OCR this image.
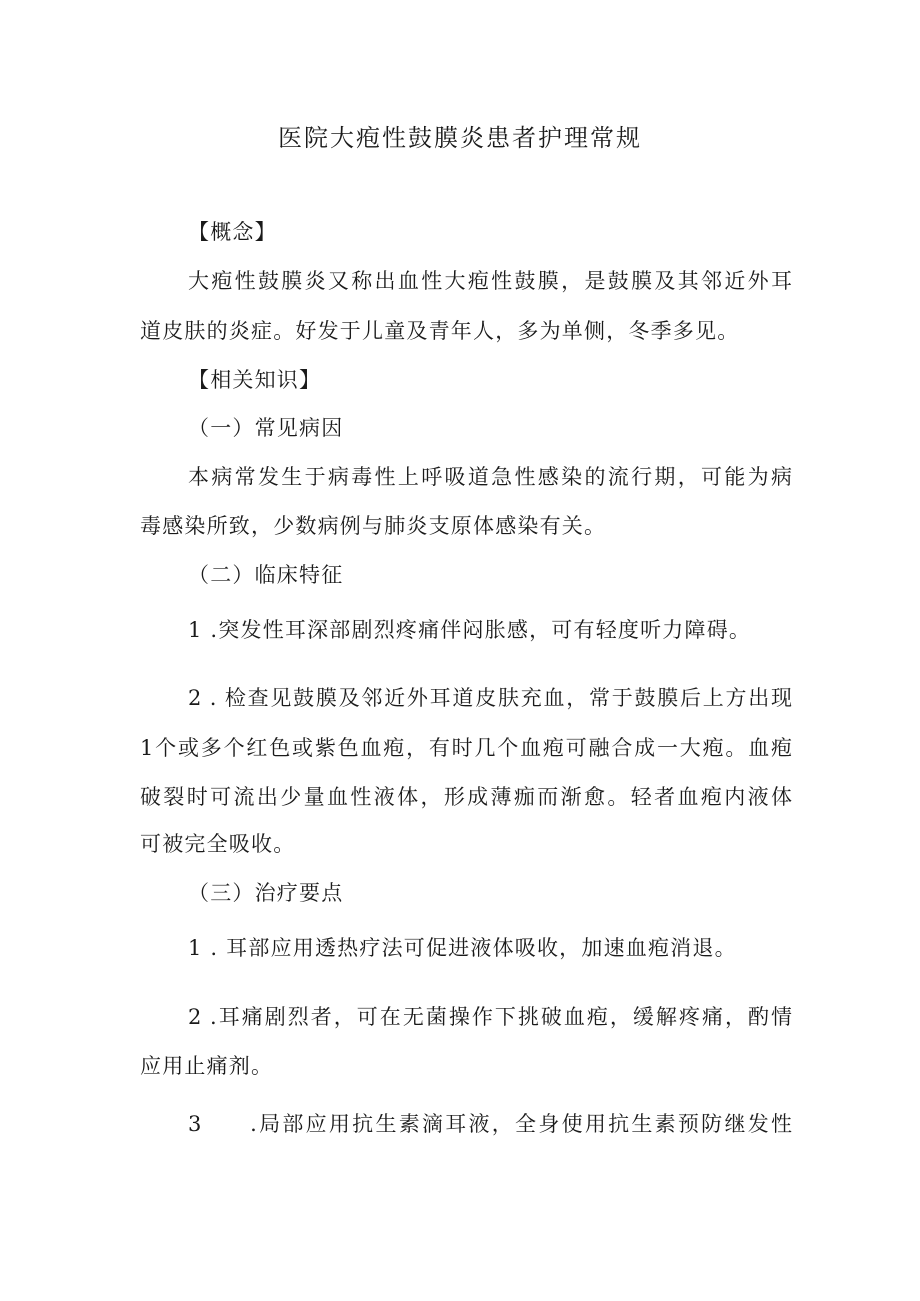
医院大疱性鼓膜炎患者护理常规
【概念】
大疱性鼓膜炎又称出血性大疱性鼓膜，是鼓膜及其邻近外耳
道皮肤的炎症。好发于儿童及青年人，多为单侧，冬季多见。
【相关知识】
（一）常见病因
本病常发生于病毒性上呼吸道急性感染的流行期，可能为病
毒感染所致，少数病例与肺炎支原体感染有关。
（二）临床特征
1 .突发性耳深部剧烈疼痛伴闷胀感，可有轻度听力障碍。
2 . 检查见鼓膜及邻近外耳道皮肤充血，常于鼓膜后上方出现
1个或多个红色或紫色血疱，有时几个血疱可融合成一大疱。血疱
破裂时可流出少量血性液体，形成薄痂而渐愈。轻者血疱内液体
可被完全吸收。
（三）治疗要点
1 . 耳部应用透热疗法可促进液体吸收，加速血疱消退。
2 .耳痛剧烈者，可在无菌操作下挑破血疱，缓解疼痛，酌情
应用止痛剂。
3　　.局部应用抗生素滴耳液，全身使用抗生素预防继发性
